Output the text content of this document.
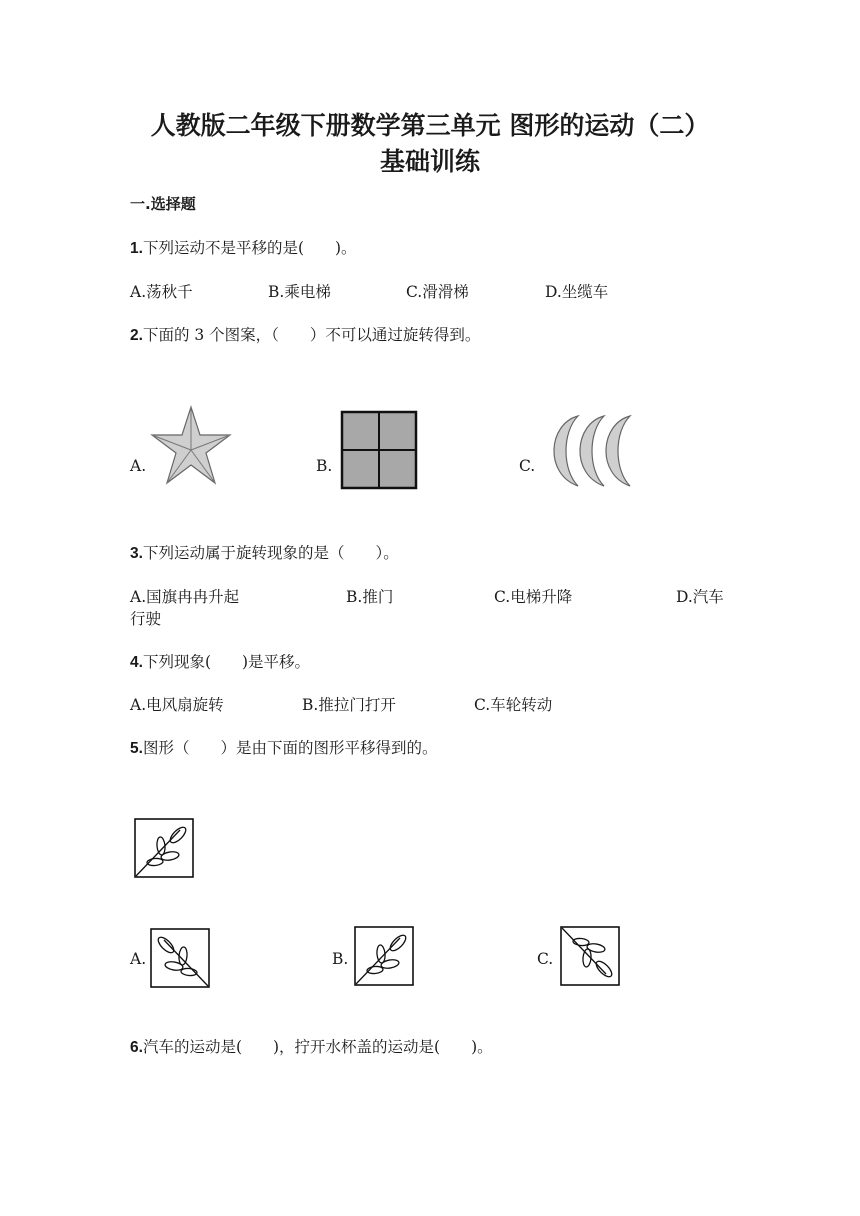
人教版二年级下册数学第三单元 图形的运动（二）
基础训练
一.选择题
1.下列运动不是平移的是(　　)。
A.荡秋千	B.乘电梯	C.滑滑梯	D.坐缆车
2.下面的 3 个图案，（　　）不可以通过旋转得到。
A.	B.	C.
3.下列运动属于旋转现象的是（　　）。
A.国旗冉冉升起	B.推门	C.电梯升降	D.汽车
行驶
4.下列现象(　　)是平移。
A.电风扇旋转	B.推拉门打开	C.车轮转动
5.图形（　　）是由下面的图形平移得到的。
A.	B.	C.
6.汽车的运动是(　　)，拧开水杯盖的运动是(　　)。
